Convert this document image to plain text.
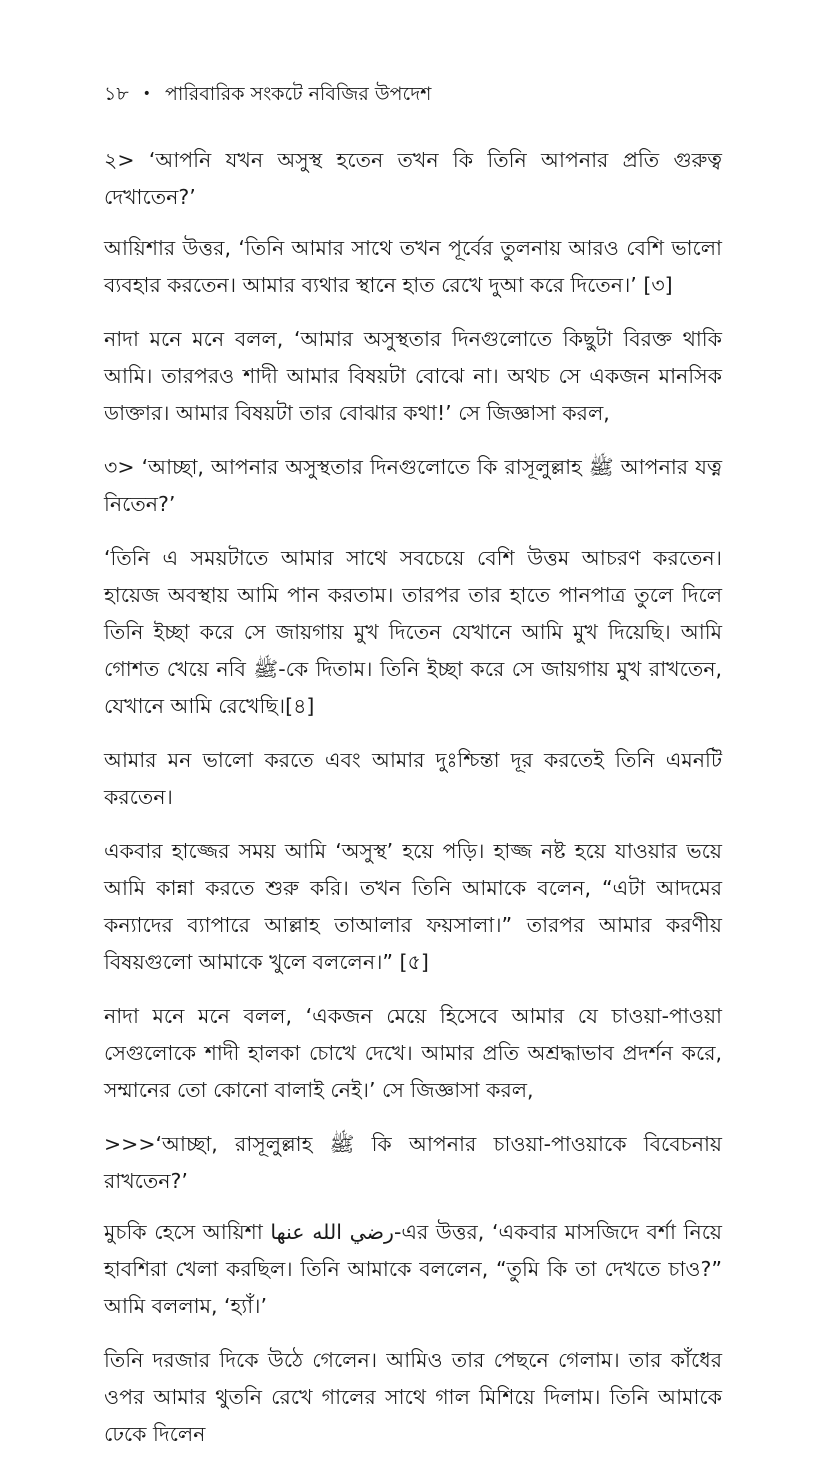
১৮ • পারিবারিক সংকটে নবিজির উপদেশ

২> ‘আপনি যখন অসুস্থ হতেন তখন কি তিনি আপনার প্রতি গুরুত্ব দেখাতেন?’

আয়িশার উত্তর, ‘তিনি আমার সাথে তখন পূর্বের তুলনায় আরও বেশি ভালো ব্যবহার করতেন। আমার ব্যথার স্থানে হাত রেখে দুআ করে দিতেন।’ [৩]

নাদা মনে মনে বলল, ‘আমার অসুস্থতার দিনগুলোতে কিছুটা বিরক্ত থাকি আমি। তারপরও শাদী আমার বিষয়টা বোঝে না। অথচ সে একজন মানসিক ডাক্তার। আমার বিষয়টা তার বোঝার কথা!’ সে জিজ্ঞাসা করল,

৩> ‘আচ্ছা, আপনার অসুস্থতার দিনগুলোতে কি রাসূলুল্লাহ ﷺ আপনার যত্ন নিতেন?’

‘তিনি এ সময়টাতে আমার সাথে সবচেয়ে বেশি উত্তম আচরণ করতেন। হায়েজ অবস্থায় আমি পান করতাম। তারপর তার হাতে পানপাত্র তুলে দিলে তিনি ইচ্ছা করে সে জায়গায় মুখ দিতেন যেখানে আমি মুখ দিয়েছি। আমি গোশত খেয়ে নবি ﷺ-কে দিতাম। তিনি ইচ্ছা করে সে জায়গায় মুখ রাখতেন, যেখানে আমি রেখেছি।[৪]

আমার মন ভালো করতে এবং আমার দুঃশ্চিন্তা দূর করতেই তিনি এমনটি করতেন।

একবার হাজ্জের সময় আমি ‘অসুস্থ’ হয়ে পড়ি। হাজ্জ নষ্ট হয়ে যাওয়ার ভয়ে আমি কান্না করতে শুরু করি। তখন তিনি আমাকে বলেন, “এটা আদমের কন্যাদের ব্যাপারে আল্লাহ তাআলার ফয়সালা।” তারপর আমার করণীয় বিষয়গুলো আমাকে খুলে বললেন।” [৫]

নাদা মনে মনে বলল, ‘একজন মেয়ে হিসেবে আমার যে চাওয়া-পাওয়া সেগুলোকে শাদী হালকা চোখে দেখে। আমার প্রতি অশ্রদ্ধাভাব প্রদর্শন করে, সম্মানের তো কোনো বালাই নেই।’ সে জিজ্ঞাসা করল,

>>>‘আচ্ছা, রাসূলুল্লাহ ﷺ কি আপনার চাওয়া-পাওয়াকে বিবেচনায় রাখতেন?’

মুচকি হেসে আয়িশা رضي الله عنها-এর উত্তর, ‘একবার মাসজিদে বর্শা নিয়ে হাবশিরা খেলা করছিল। তিনি আমাকে বললেন, “তুমি কি তা দেখতে চাও?” আমি বললাম, ‘হ্যাঁ।’

তিনি দরজার দিকে উঠে গেলেন। আমিও তার পেছনে গেলাম। তার কাঁধের ওপর আমার থুতনি রেখে গালের সাথে গাল মিশিয়ে দিলাম। তিনি আমাকে ঢেকে দিলেন
